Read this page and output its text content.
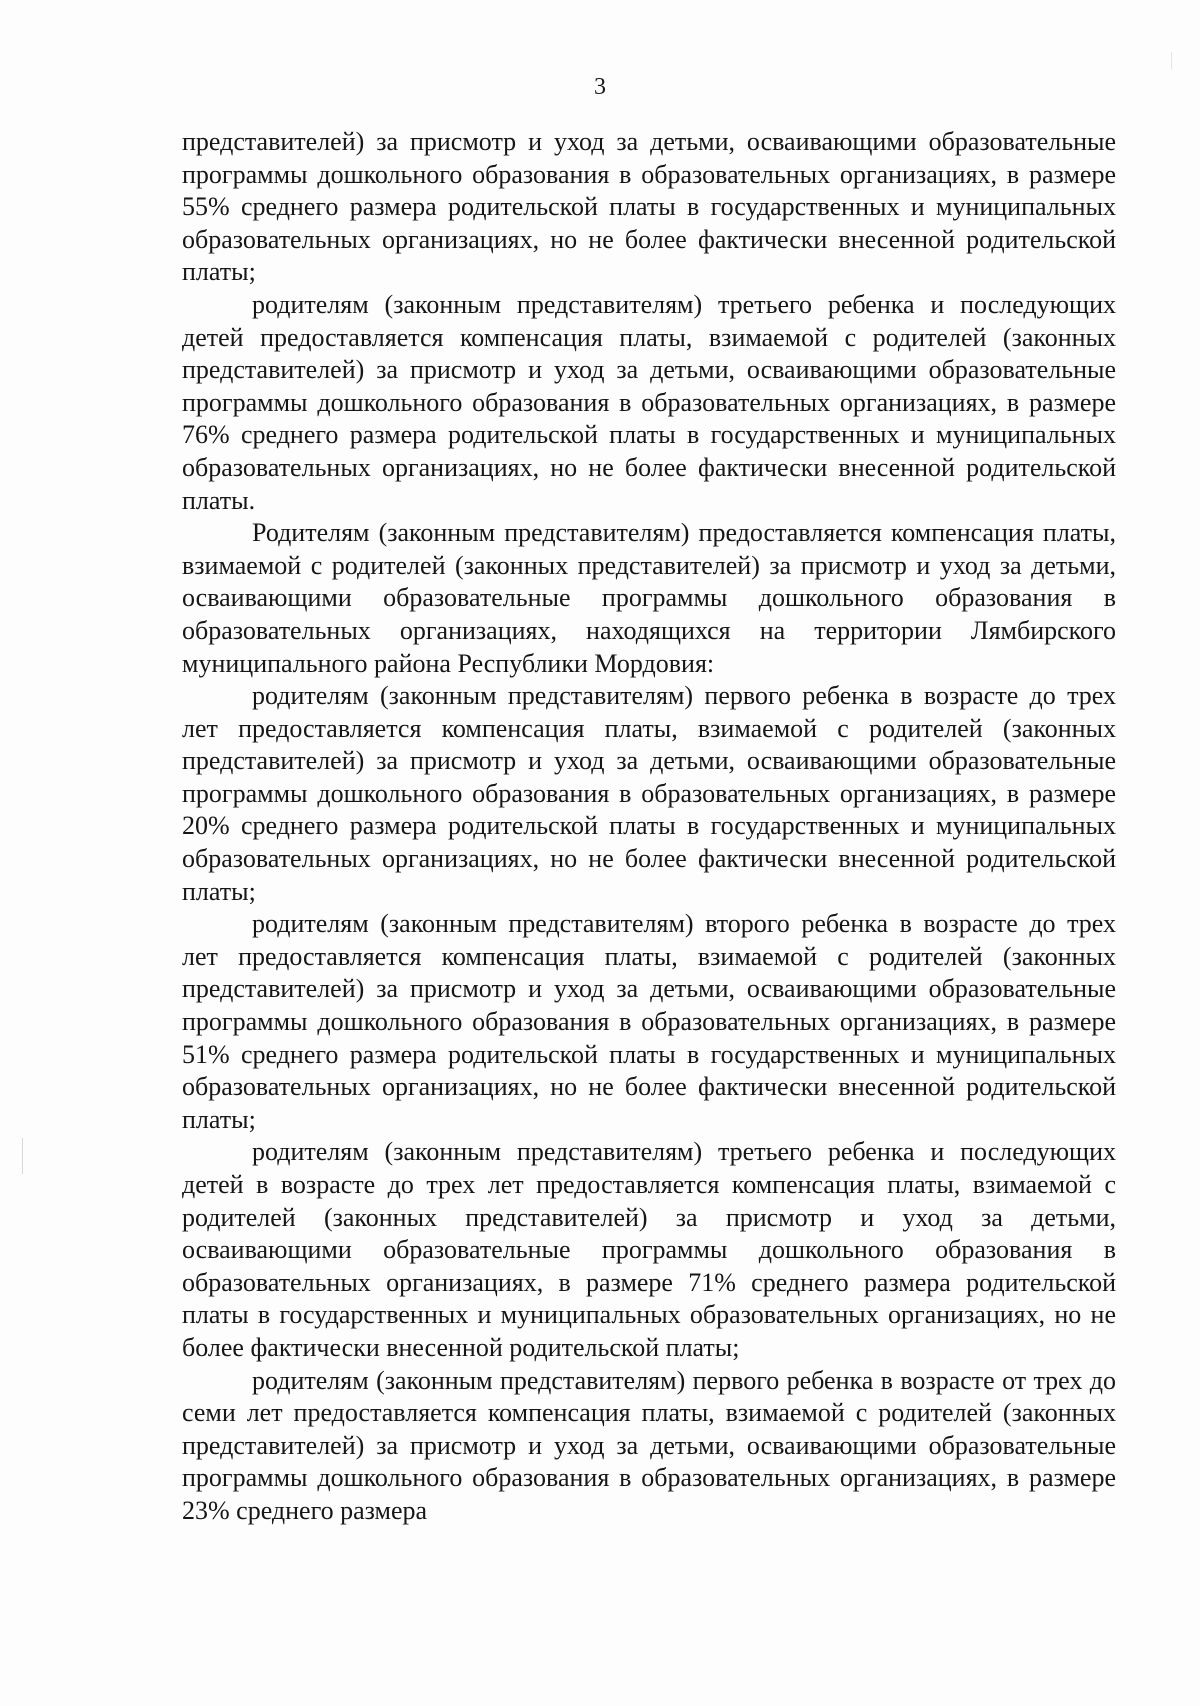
3

представителей) за присмотр и уход за детьми, осваивающими образовательные программы дошкольного образования в образовательных организациях, в размере 55% среднего размера родительской платы в государственных и муниципальных образовательных организациях, но не более фактически внесенной родительской платы;

родителям (законным представителям) третьего ребенка и последующих детей предоставляется компенсация платы, взимаемой с родителей (законных представителей) за присмотр и уход за детьми, осваивающими образовательные программы дошкольного образования в образовательных организациях, в размере 76% среднего размера родительской платы в государственных и муниципальных образовательных организациях, но не более фактически внесенной родительской платы.

Родителям (законным представителям) предоставляется компенсация платы, взимаемой с родителей (законных представителей) за присмотр и уход за детьми, осваивающими образовательные программы дошкольного образования в образовательных организациях, находящихся на территории Лямбирского муниципального района Республики Мордовия:

родителям (законным представителям) первого ребенка в возрасте до трех лет предоставляется компенсация платы, взимаемой с родителей (законных представителей) за присмотр и уход за детьми, осваивающими образовательные программы дошкольного образования в образовательных организациях, в размере 20% среднего размера родительской платы в государственных и муниципальных образовательных организациях, но не более фактически внесенной родительской платы;

родителям (законным представителям) второго ребенка в возрасте до трех лет предоставляется компенсация платы, взимаемой с родителей (законных представителей) за присмотр и уход за детьми, осваивающими образовательные программы дошкольного образования в образовательных организациях, в размере 51% среднего размера родительской платы в государственных и муниципальных образовательных организациях, но не более фактически внесенной родительской платы;

родителям (законным представителям) третьего ребенка и последующих детей в возрасте до трех лет предоставляется компенсация платы, взимаемой с родителей (законных представителей) за присмотр и уход за детьми, осваивающими образовательные программы дошкольного образования в образовательных организациях, в размере 71% среднего размера родительской платы в государственных и муниципальных образовательных организациях, но не более фактически внесенной родительской платы;

родителям (законным представителям) первого ребенка в возрасте от трех до семи лет предоставляется компенсация платы, взимаемой с родителей (законных представителей) за присмотр и уход за детьми, осваивающими образовательные программы дошкольного образования в образовательных организациях, в размере 23% среднего размера
